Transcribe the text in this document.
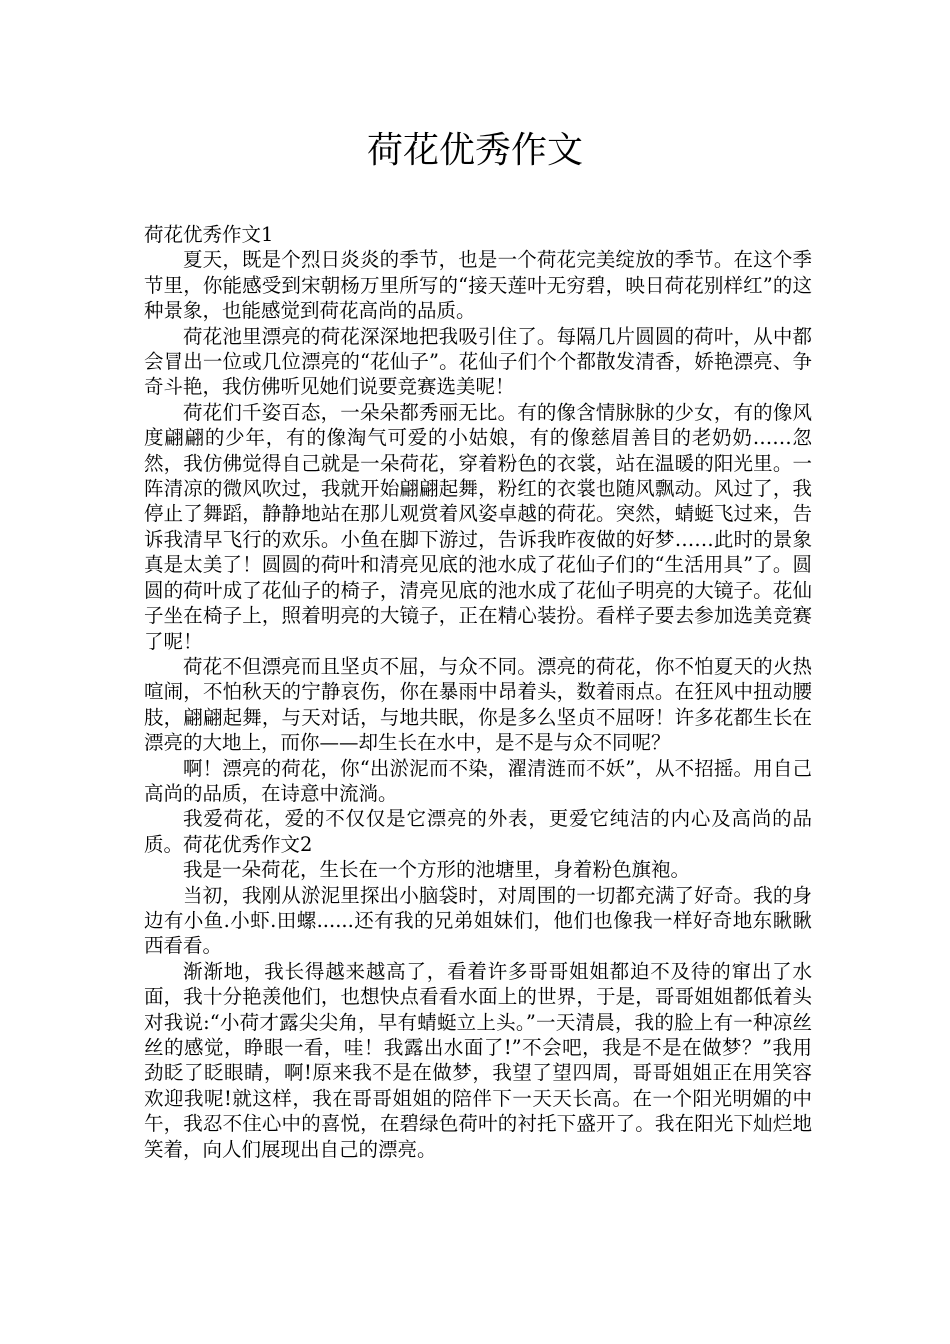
荷花优秀作文

荷花优秀作文1

夏天，既是个烈日炎炎的季节，也是一个荷花完美绽放的季节。在这个季节里，你能感受到宋朝杨万里所写的“接天莲叶无穷碧，映日荷花别样红”的这种景象，也能感觉到荷花高尚的品质。

荷花池里漂亮的荷花深深地把我吸引住了。每隔几片圆圆的荷叶，从中都会冒出一位或几位漂亮的“花仙子”。花仙子们个个都散发清香，娇艳漂亮、争奇斗艳，我仿佛听见她们说要竞赛选美呢！

荷花们千姿百态，一朵朵都秀丽无比。有的像含情脉脉的少女，有的像风度翩翩的少年，有的像淘气可爱的小姑娘，有的像慈眉善目的老奶奶……忽然，我仿佛觉得自己就是一朵荷花，穿着粉色的衣裳，站在温暖的阳光里。一阵清凉的微风吹过，我就开始翩翩起舞，粉红的衣裳也随风飘动。风过了，我停止了舞蹈，静静地站在那儿观赏着风姿卓越的荷花。突然，蜻蜓飞过来，告诉我清早飞行的欢乐。小鱼在脚下游过，告诉我昨夜做的好梦……此时的景象真是太美了！圆圆的荷叶和清亮见底的池水成了花仙子们的“生活用具”了。圆圆的荷叶成了花仙子的椅子，清亮见底的池水成了花仙子明亮的大镜子。花仙子坐在椅子上，照着明亮的大镜子，正在精心装扮。看样子要去参加选美竞赛了呢！

荷花不但漂亮而且坚贞不屈，与众不同。漂亮的荷花，你不怕夏天的火热喧闹，不怕秋天的宁静哀伤，你在暴雨中昂着头，数着雨点。在狂风中扭动腰肢，翩翩起舞，与天对话，与地共眠，你是多么坚贞不屈呀！许多花都生长在漂亮的大地上，而你——却生长在水中，是不是与众不同呢？

啊！漂亮的荷花，你“出淤泥而不染，濯清涟而不妖”，从不招摇。用自己高尚的品质，在诗意中流淌。

我爱荷花，爱的不仅仅是它漂亮的外表，更爱它纯洁的内心及高尚的品质。荷花优秀作文2

我是一朵荷花，生长在一个方形的池塘里，身着粉色旗袍。

当初，我刚从淤泥里探出小脑袋时，对周围的一切都充满了好奇。我的身边有小鱼.小虾.田螺......还有我的兄弟姐妹们，他们也像我一样好奇地东瞅瞅西看看。

渐渐地，我长得越来越高了，看着许多哥哥姐姐都迫不及待的窜出了水面，我十分艳羡他们，也想快点看看水面上的世界，于是，哥哥姐姐都低着头对我说:“小荷才露尖尖角，早有蜻蜓立上头。”一天清晨，我的脸上有一种凉丝丝的感觉，睁眼一看，哇！我露出水面了!”不会吧，我是不是在做梦？”我用劲眨了眨眼睛，啊!原来我不是在做梦，我望了望四周，哥哥姐姐正在用笑容欢迎我呢!就这样，我在哥哥姐姐的陪伴下一天天长高。在一个阳光明媚的中午，我忍不住心中的喜悦，在碧绿色荷叶的衬托下盛开了。我在阳光下灿烂地笑着，向人们展现出自己的漂亮。
